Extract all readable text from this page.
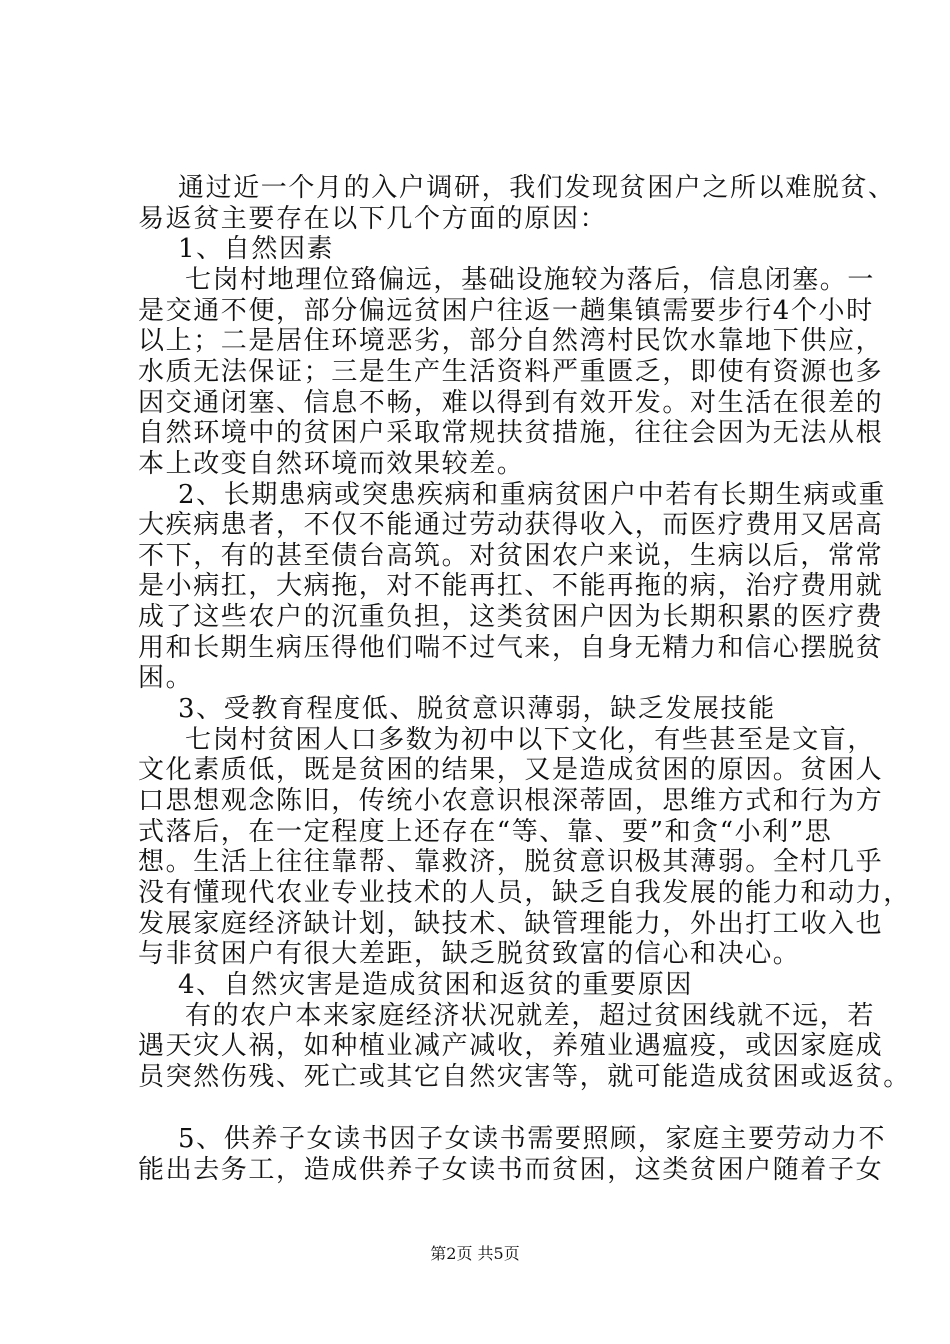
通过近一个月的入户调研，我们发现贫困户之所以难脱贫、
易返贫主要存在以下几个方面的原因：
1、自然因素
七岗村地理位臵偏远，基础设施较为落后，信息闭塞。一
是交通不便，部分偏远贫困户往返一趟集镇需要步行4个小时
以上；二是居住环境恶劣，部分自然湾村民饮水靠地下供应，
水质无法保证；三是生产生活资料严重匮乏，即使有资源也多
因交通闭塞、信息不畅，难以得到有效开发。对生活在很差的
自然环境中的贫困户采取常规扶贫措施，往往会因为无法从根
本上改变自然环境而效果较差。
2、长期患病或突患疾病和重病贫困户中若有长期生病或重
大疾病患者，不仅不能通过劳动获得收入，而医疗费用又居高
不下，有的甚至债台高筑。对贫困农户来说，生病以后，常常
是小病扛，大病拖，对不能再扛、不能再拖的病，治疗费用就
成了这些农户的沉重负担，这类贫困户因为长期积累的医疗费
用和长期生病压得他们喘不过气来，自身无精力和信心摆脱贫
困。
3、受教育程度低、脱贫意识薄弱，缺乏发展技能
七岗村贫困人口多数为初中以下文化，有些甚至是文盲，
文化素质低，既是贫困的结果，又是造成贫困的原因。贫困人
口思想观念陈旧，传统小农意识根深蒂固，思维方式和行为方
式落后，在一定程度上还存在“等、靠、要”和贪“小利”思
想。生活上往往靠帮、靠救济，脱贫意识极其薄弱。全村几乎
没有懂现代农业专业技术的人员，缺乏自我发展的能力和动力，
发展家庭经济缺计划，缺技术、缺管理能力，外出打工收入也
与非贫困户有很大差距，缺乏脱贫致富的信心和决心。
4、自然灾害是造成贫困和返贫的重要原因
有的农户本来家庭经济状况就差，超过贫困线就不远，若
遇天灾人祸，如种植业减产减收，养殖业遇瘟疫，或因家庭成
员突然伤残、死亡或其它自然灾害等，就可能造成贫困或返贫。
5、供养子女读书因子女读书需要照顾，家庭主要劳动力不
能出去务工，造成供养子女读书而贫困，这类贫困户随着子女
第2页 共5页
